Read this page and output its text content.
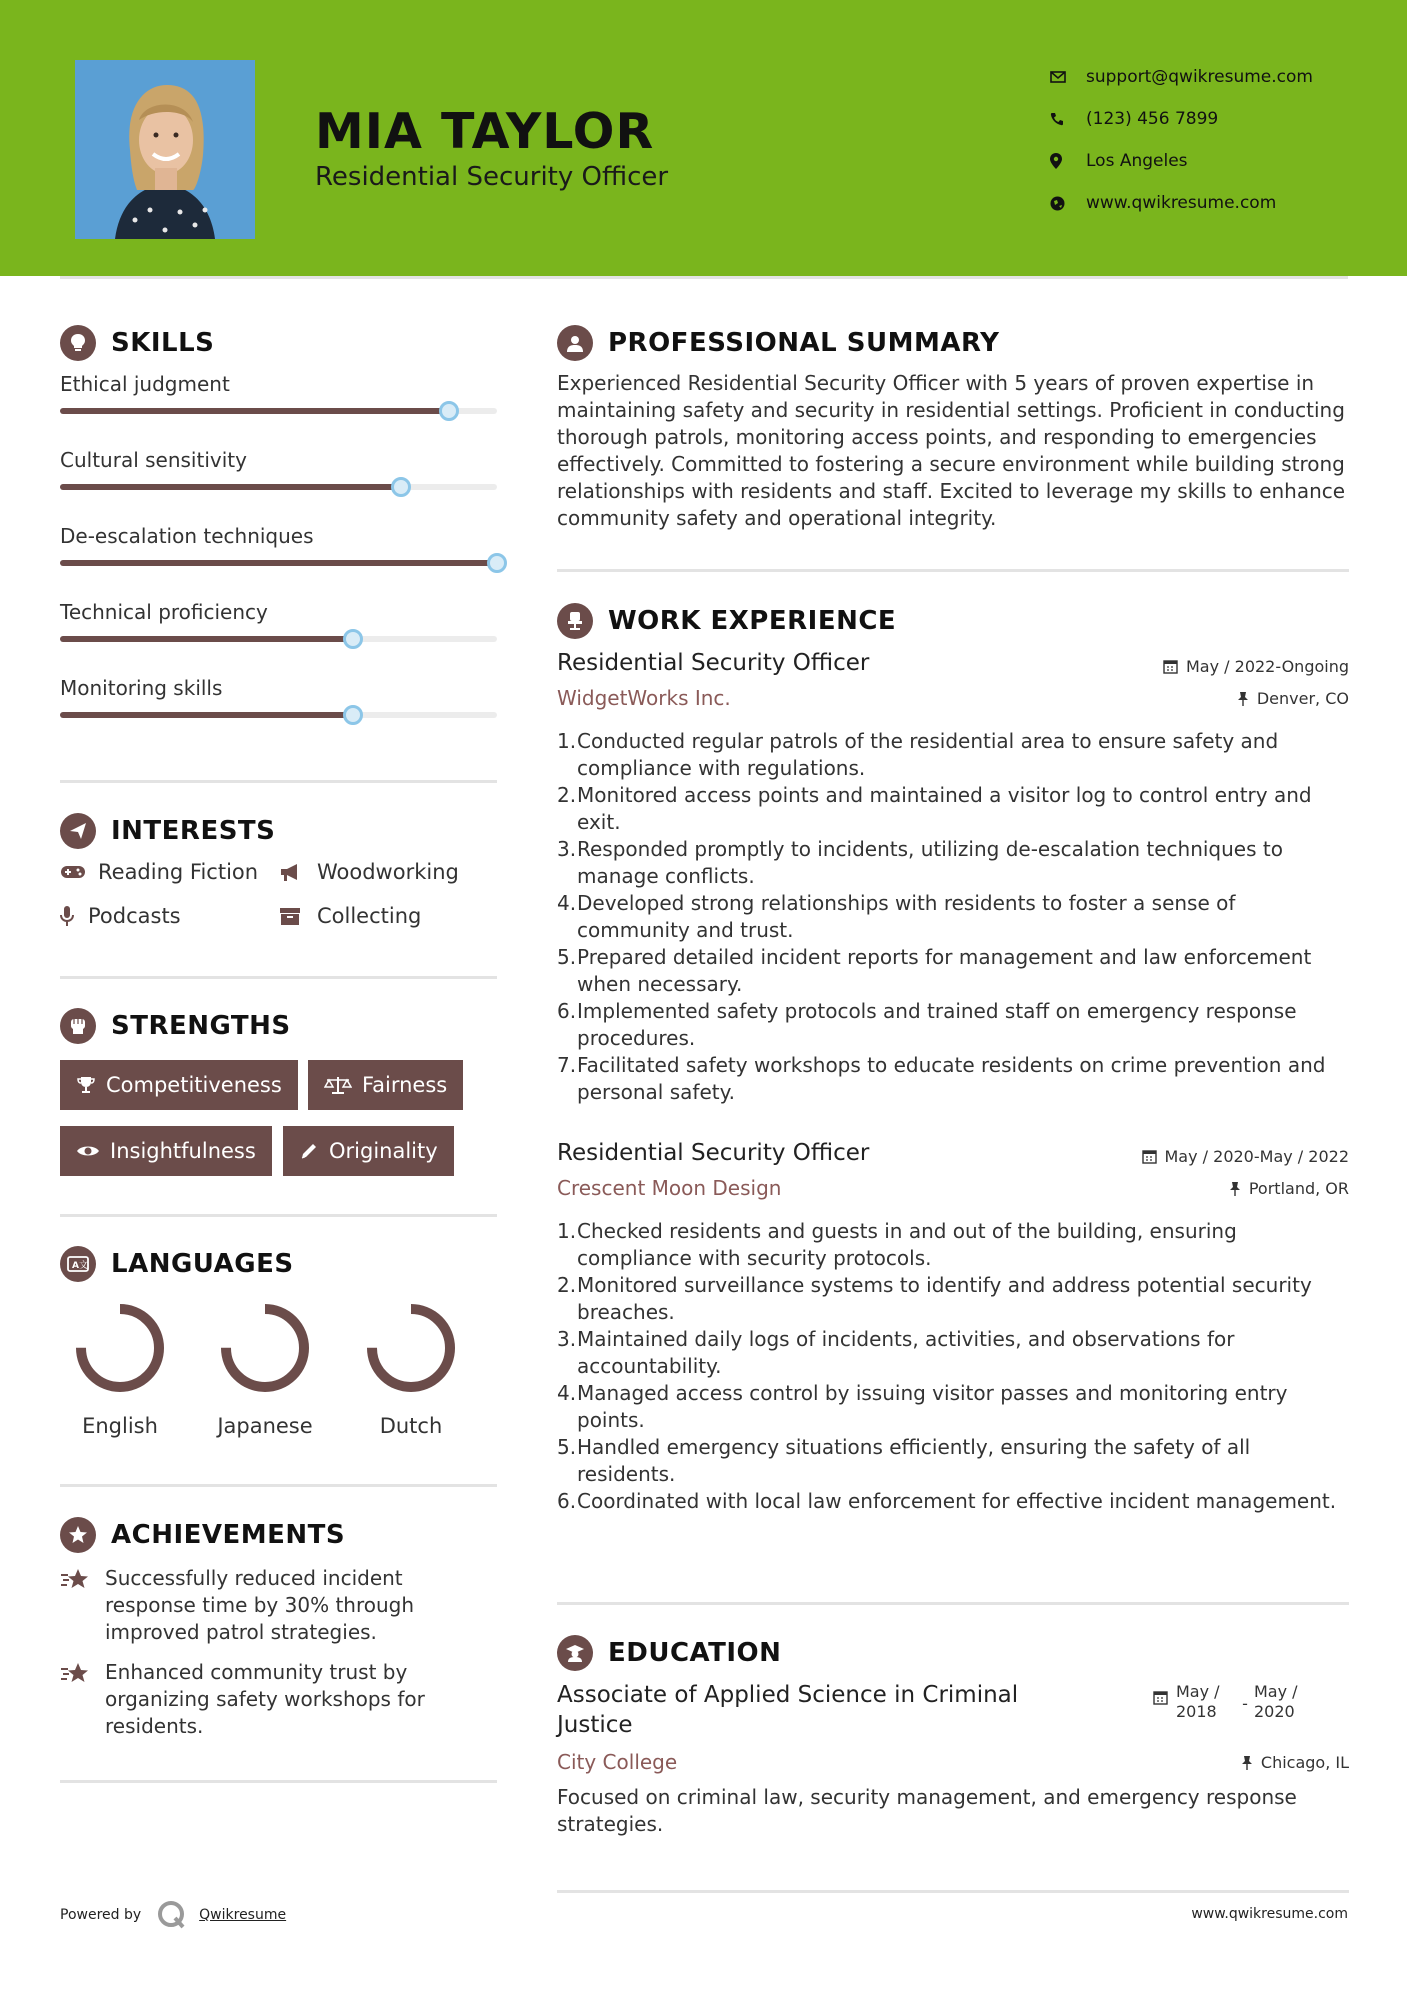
MIA TAYLOR
Residential Security Officer
support@qwikresume.com
(123) 456 7899
Los Angeles
www.qwikresume.com
SKILLS
Ethical judgment
Cultural sensitivity
De-escalation techniques
Technical proficiency
Monitoring skills
INTERESTS
Reading Fiction	Woodworking
Podcasts	Collecting
STRENGTHS
Competitiveness	Fairness
Insightfulness	Originality
A 文 LANGUAGES
English	Japanese	Dutch
ACHIEVEMENTS
Successfully reduced incident response time by 30% through improved patrol strategies.
Enhanced community trust by organizing safety workshops for residents.
PROFESSIONAL SUMMARY
Experienced Residential Security Officer with 5 years of proven expertise in maintaining safety and security in residential settings. Proficient in conducting thorough patrols, monitoring access points, and responding to emergencies effectively. Committed to fostering a secure environment while building strong relationships with residents and staff. Excited to leverage my skills to enhance community safety and operational integrity.
WORK EXPERIENCE
Residential Security Officer
WidgetWorks Inc.
May / 2022-Ongoing
Denver, CO
1. Conducted regular patrols of the residential area to ensure safety and compliance with regulations.
2. Monitored access points and maintained a visitor log to control entry and exit.
3. Responded promptly to incidents, utilizing de-escalation techniques to manage conflicts.
4. Developed strong relationships with residents to foster a sense of community and trust.
5. Prepared detailed incident reports for management and law enforcement when necessary.
6. Implemented safety protocols and trained staff on emergency response procedures.
7. Facilitated safety workshops to educate residents on crime prevention and personal safety.
Residential Security Officer
Crescent Moon Design
May / 2020-May / 2022
Portland, OR
1. Checked residents and guests in and out of the building, ensuring compliance with security protocols.
2. Monitored surveillance systems to identify and address potential security breaches.
3. Maintained daily logs of incidents, activities, and observations for accountability.
4. Managed access control by issuing visitor passes and monitoring entry points.
5. Handled emergency situations efficiently, ensuring the safety of all residents.
6. Coordinated with local law enforcement for effective incident management.
EDUCATION
Associate of Applied Science in Criminal Justice
May / 2018	-
May / 2020
City College	Chicago, IL
Focused on criminal law, security management, and emergency response strategies.
Powered by	Qwikresume	www.qwikresume.com
